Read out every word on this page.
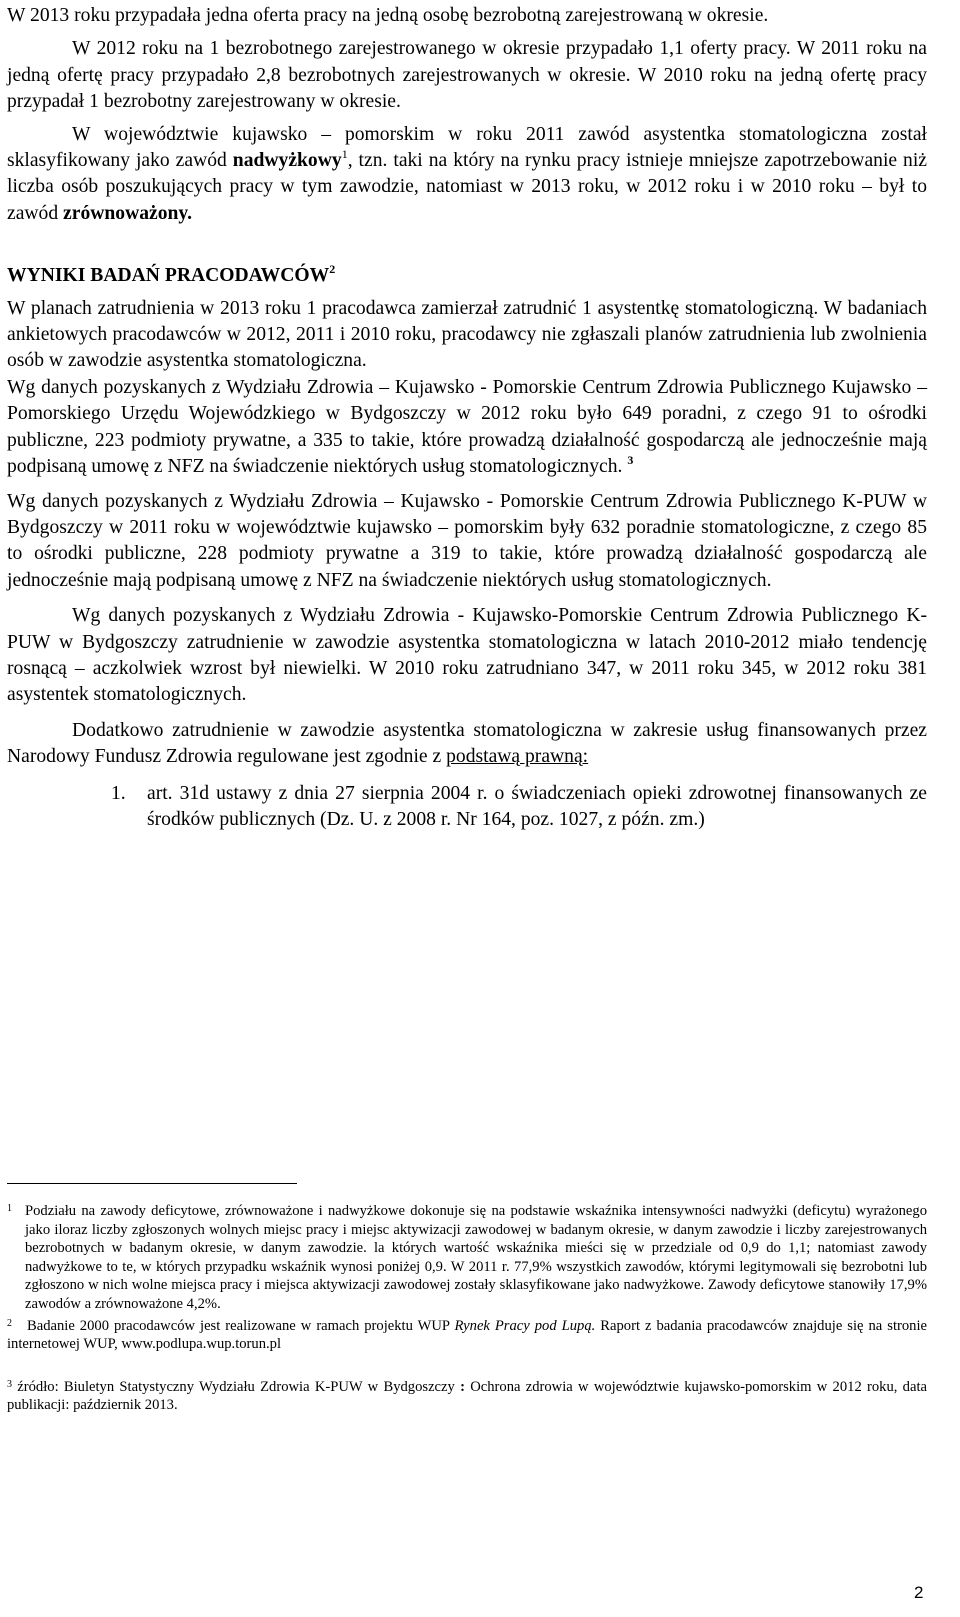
W 2013 roku przypadała jedna oferta pracy na jedną osobę bezrobotną zarejestrowaną w okresie.

W 2012 roku na 1 bezrobotnego zarejestrowanego w okresie przypadało 1,1 oferty pracy. W 2011 roku na jedną ofertę pracy przypadało 2,8 bezrobotnych zarejestrowanych w okresie. W 2010 roku na jedną ofertę pracy przypadał 1 bezrobotny zarejestrowany w okresie.

W województwie kujawsko – pomorskim w roku 2011 zawód asystentka stomatologiczna został sklasyfikowany jako zawód nadwyżkowy$^1$, tzn. taki na który na rynku pracy istnieje mniejsze zapotrzebowanie niż liczba osób poszukujących pracy w tym zawodzie, natomiast w 2013 roku, w 2012 roku i w 2010 roku – był to zawód zrównoważony.

WYNIKI BADAŃ PRACODAWCÓW$^2$

W planach zatrudnienia w 2013 roku 1 pracodawca zamierzał zatrudnić 1 asystentkę stomatologiczną. W badaniach ankietowych pracodawców w 2012, 2011 i 2010 roku, pracodawcy nie zgłaszali planów zatrudnienia lub zwolnienia osób w zawodzie asystentka stomatologiczna.

Wg danych pozyskanych z Wydziału Zdrowia – Kujawsko - Pomorskie Centrum Zdrowia Publicznego Kujawsko – Pomorskiego Urzędu Wojewódzkiego w Bydgoszczy w 2012 roku było 649 poradni, z czego 91 to ośrodki publiczne, 223 podmioty prywatne, a 335 to takie, które prowadzą działalność gospodarczą ale jednocześnie mają podpisaną umowę z NFZ na świadczenie niektórych usług stomatologicznych. $^3$

Wg danych pozyskanych z Wydziału Zdrowia – Kujawsko - Pomorskie Centrum Zdrowia Publicznego K-PUW w Bydgoszczy w 2011 roku w województwie kujawsko – pomorskim były 632 poradnie stomatologiczne, z czego 85 to ośrodki publiczne, 228 podmioty prywatne a 319 to takie, które prowadzą działalność gospodarczą ale jednocześnie mają podpisaną umowę z NFZ na świadczenie niektórych usług stomatologicznych.

Wg danych pozyskanych z Wydziału Zdrowia - Kujawsko-Pomorskie Centrum Zdrowia Publicznego K-PUW w Bydgoszczy zatrudnienie w zawodzie asystentka stomatologiczna w latach 2010-2012 miało tendencję rosnącą – aczkolwiek wzrost był niewielki. W 2010 roku zatrudniano 347, w 2011 roku 345, w 2012 roku 381 asystentek stomatologicznych.

Dodatkowo zatrudnienie w zawodzie asystentka stomatologiczna w zakresie usług finansowanych przez Narodowy Fundusz Zdrowia regulowane jest zgodnie z podstawą prawną:

1.	art. 31d ustawy z dnia 27 sierpnia 2004 r. o świadczeniach opieki zdrowotnej finansowanych ze środków publicznych (Dz. U. z 2008 r. Nr 164, poz. 1027, z późn. zm.)

1 Podziału na zawody deficytowe, zrównoważone i nadwyżkowe dokonuje się na podstawie wskaźnika intensywności nadwyżki (deficytu) wyrażonego jako iloraz liczby zgłoszonych wolnych miejsc pracy i miejsc aktywizacji zawodowej w badanym okresie, w danym zawodzie i liczby zarejestrowanych bezrobotnych w badanym okresie, w danym zawodzie. la których wartość wskaźnika mieści się w przedziale od 0,9 do 1,1; natomiast zawody nadwyżkowe to te, w których przypadku wskaźnik wynosi poniżej 0,9. W 2011 r. 77,9% wszystkich zawodów, którymi legitymowali się bezrobotni lub zgłoszono w nich wolne miejsca pracy i miejsca aktywizacji zawodowej zostały sklasyfikowane jako nadwyżkowe. Zawody deficytowe stanowiły 17,9% zawodów a zrównoważone 4,2%.

$^2$ Badanie 2000 pracodawców jest realizowane w ramach projektu WUP Rynek Pracy pod Lupą. Raport z badania pracodawców znajduje się na stronie internetowej WUP, www.podlupa.wup.torun.pl

$^3$ źródło: Biuletyn Statystyczny Wydziału Zdrowia K-PUW w Bydgoszczy : Ochrona zdrowia w województwie kujawsko-pomorskim w 2012 roku, data publikacji: październik 2013.

2
